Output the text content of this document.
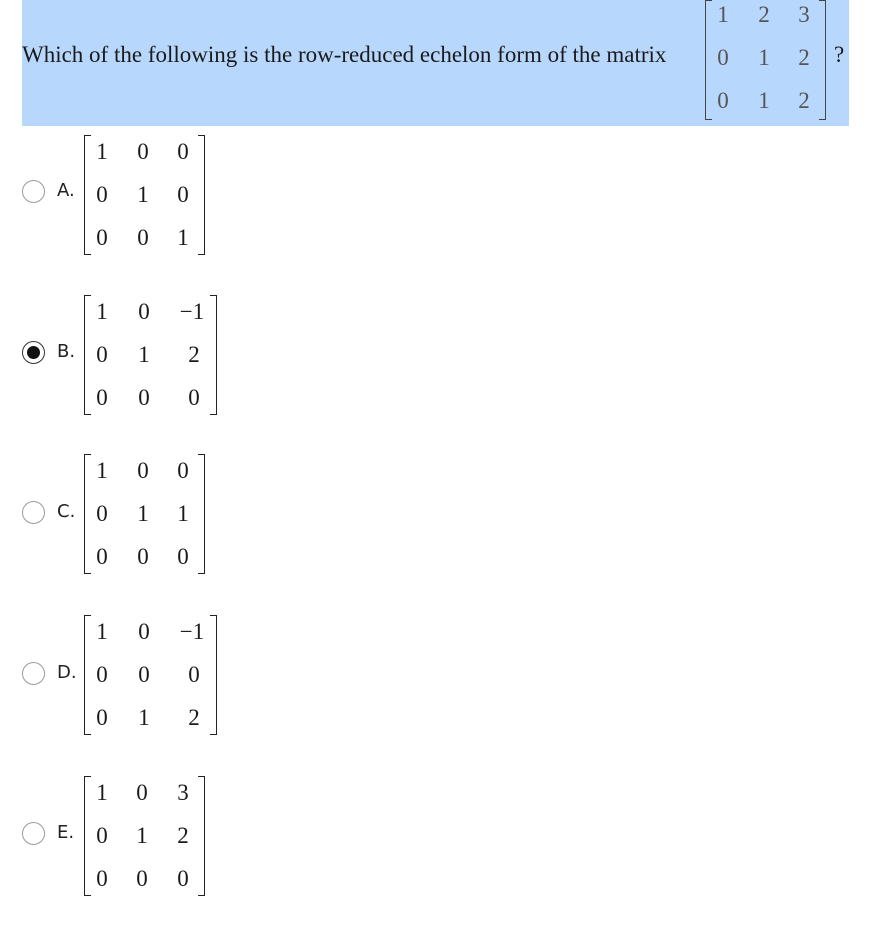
Which of the following is the row-reduced echelon form of the matrix
1	2	3
0	1	2
0	1	2
?
A.
1	0	0
0	1	0
0	0	1
B.
1	0	−1
0	1	2
0	0	0
C.
1	0	0
0	1	1
0	0	0
D.
1	0	−1
0	0	0
0	1	2
E.
1	0	3
0	1	2
0	0	0
